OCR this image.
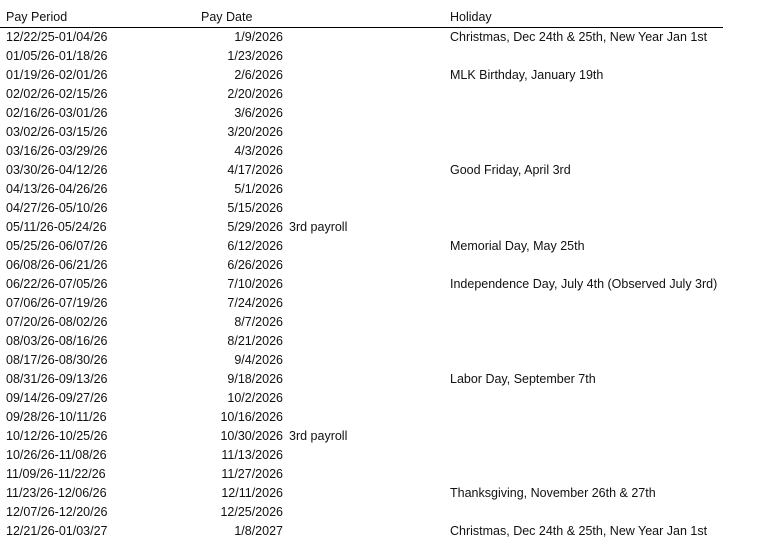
Pay Period	Pay Date	Holiday
12/22/25-01/04/26	1/9/2026	Christmas, Dec 24th & 25th, New Year Jan 1st
01/05/26-01/18/26	1/23/2026
01/19/26-02/01/26	2/6/2026	MLK Birthday, January 19th
02/02/26-02/15/26	2/20/2026
02/16/26-03/01/26	3/6/2026
03/02/26-03/15/26	3/20/2026
03/16/26-03/29/26	4/3/2026
03/30/26-04/12/26	4/17/2026	Good Friday, April 3rd
04/13/26-04/26/26	5/1/2026
04/27/26-05/10/26	5/15/2026
05/11/26-05/24/26	5/29/2026 3rd payroll
05/25/26-06/07/26	6/12/2026	Memorial Day, May 25th
06/08/26-06/21/26	6/26/2026
06/22/26-07/05/26	7/10/2026	Independence Day, July 4th (Observed July 3rd)
07/06/26-07/19/26	7/24/2026
07/20/26-08/02/26	8/7/2026
08/03/26-08/16/26	8/21/2026
08/17/26-08/30/26	9/4/2026
08/31/26-09/13/26	9/18/2026	Labor Day, September 7th
09/14/26-09/27/26	10/2/2026
09/28/26-10/11/26	10/16/2026
10/12/26-10/25/26	10/30/2026 3rd payroll
10/26/26-11/08/26	11/13/2026
11/09/26-11/22/26	11/27/2026
11/23/26-12/06/26	12/11/2026	Thanksgiving, November 26th & 27th
12/07/26-12/20/26	12/25/2026
12/21/26-01/03/27	1/8/2027	Christmas, Dec 24th & 25th, New Year Jan 1st
